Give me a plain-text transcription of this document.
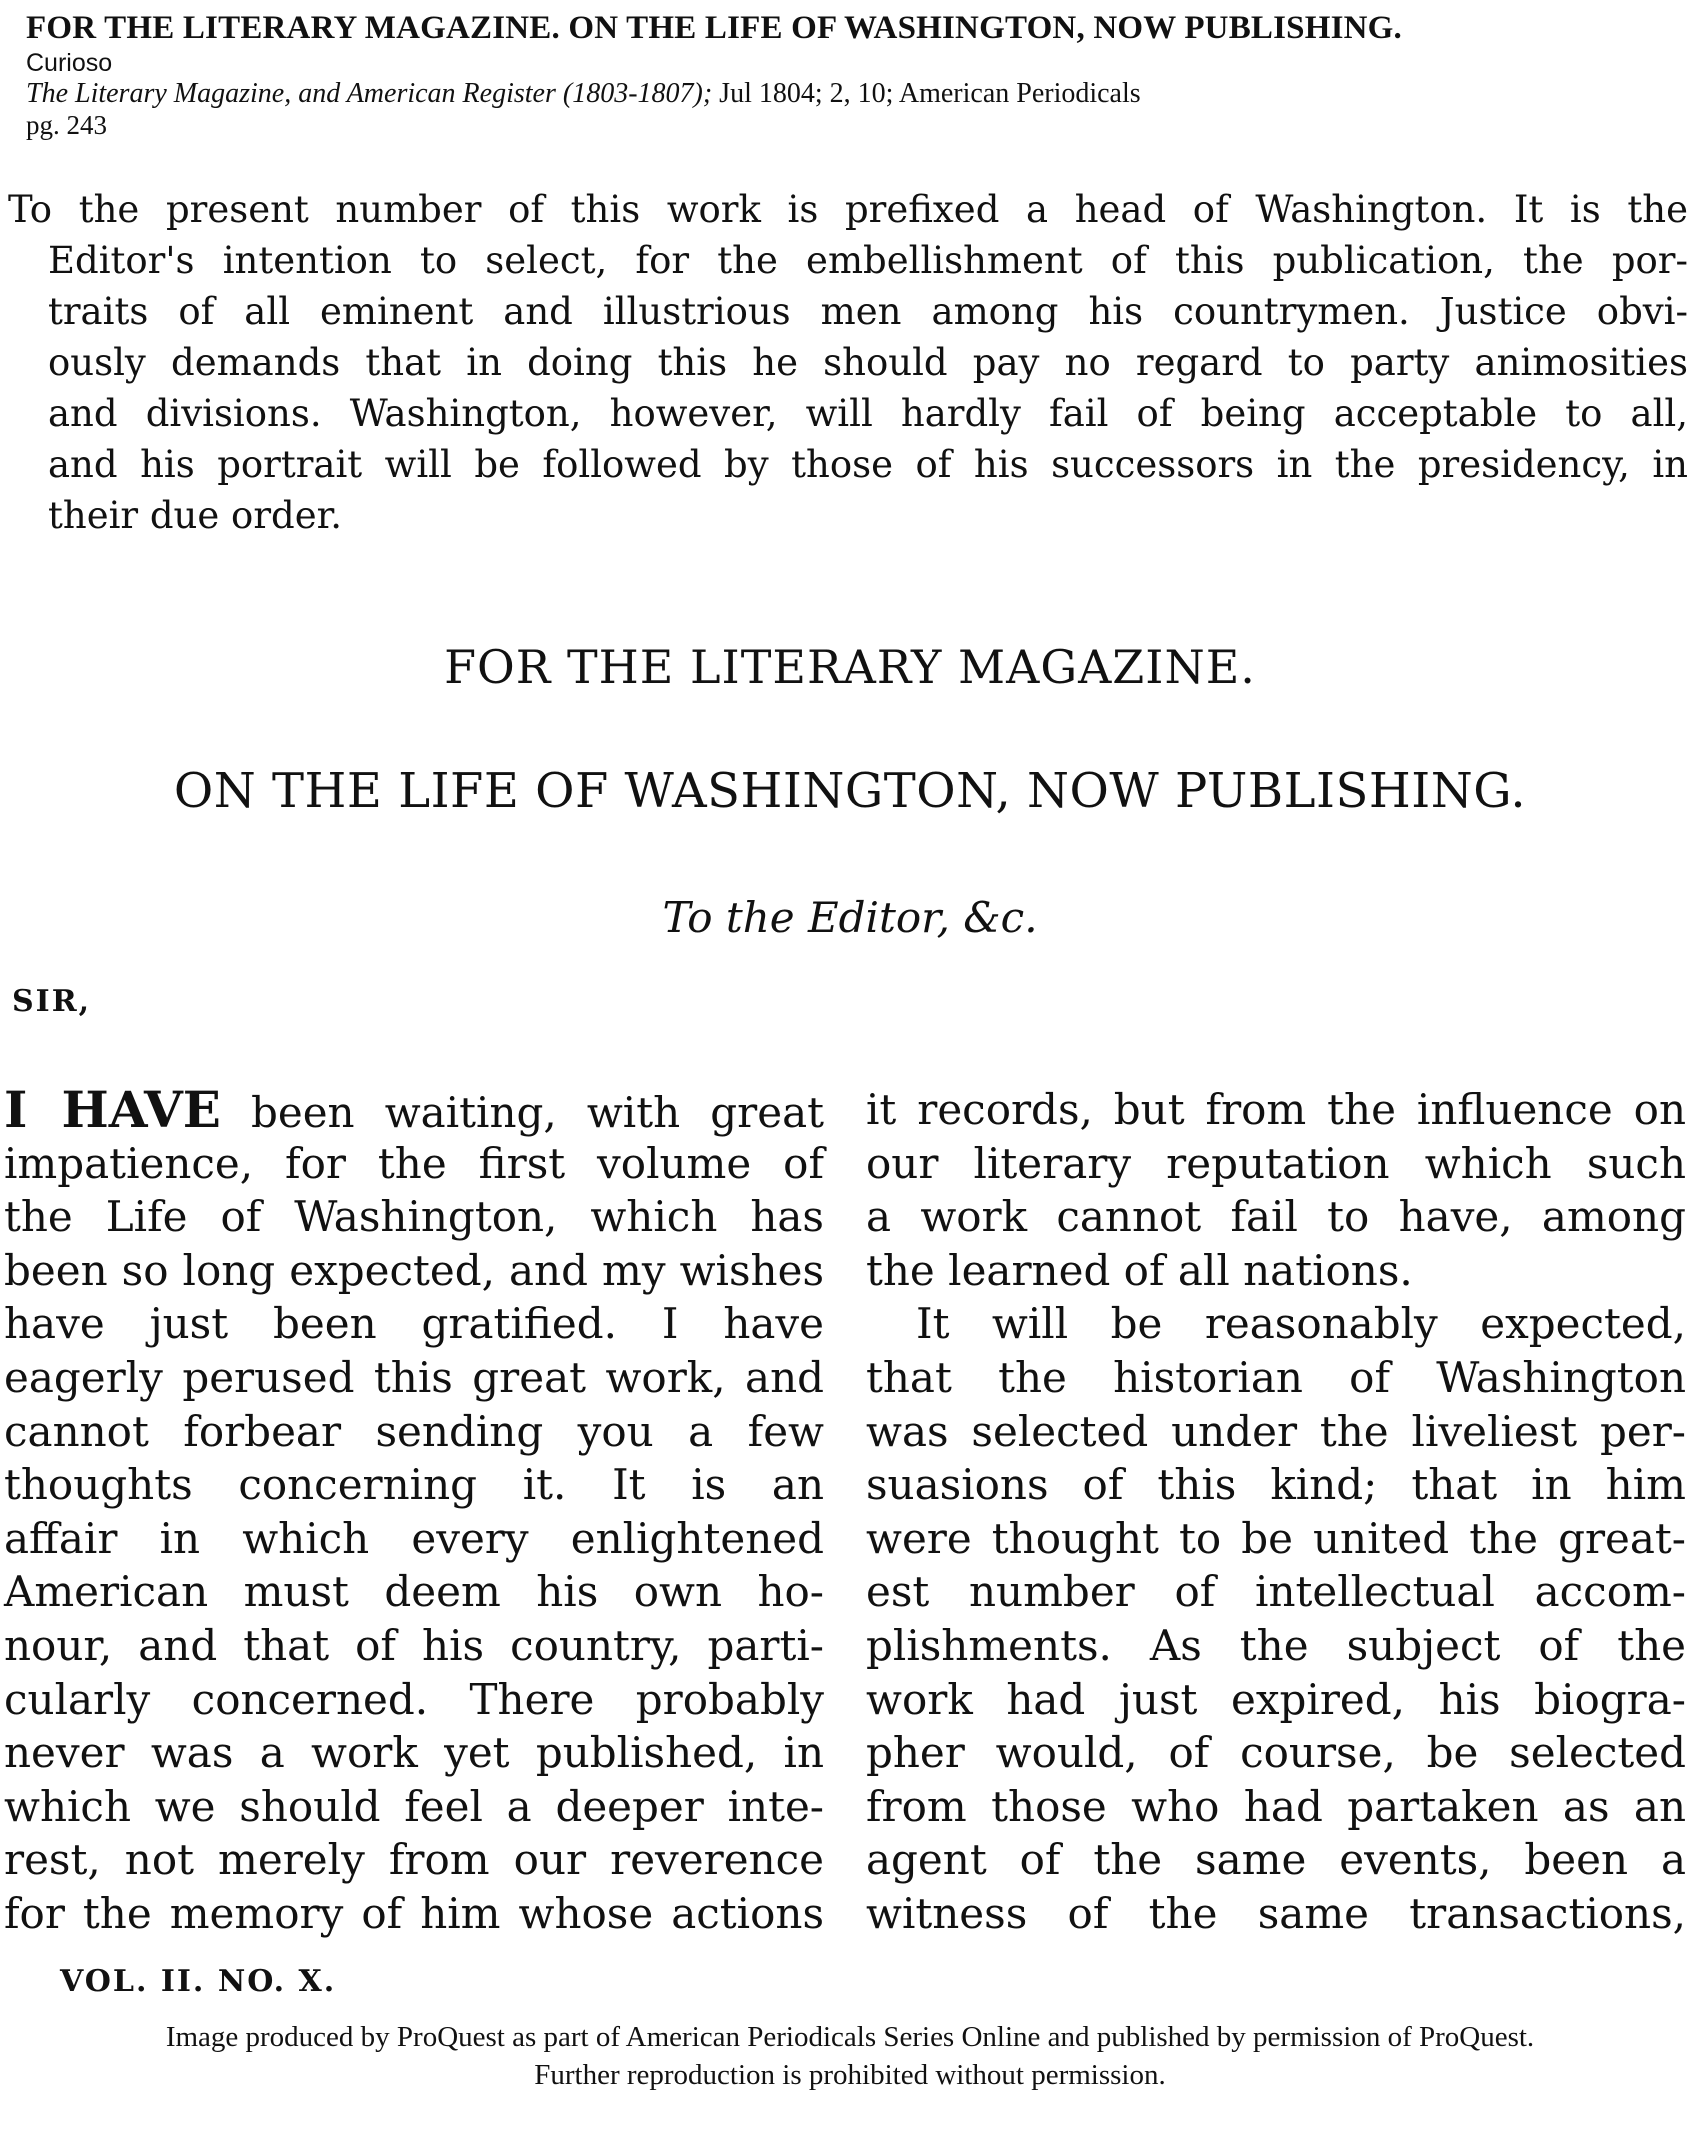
FOR THE LITERARY MAGAZINE. ON THE LIFE OF WASHINGTON, NOW PUBLISHING.
Curioso
The Literary Magazine, and American Register (1803-1807); Jul 1804; 2, 10; American Periodicals
pg. 243
To the present number of this work is prefixed a head of Washington. It is the
Editor's intention to select, for the embellishment of this publication, the por-
traits of all eminent and illustrious men among his countrymen. Justice obvi-
ously demands that in doing this he should pay no regard to party animosities
and divisions. Washington, however, will hardly fail of being acceptable to all,
and his portrait will be followed by those of his successors in the presidency, in
their due order.
FOR THE LITERARY MAGAZINE.
ON THE LIFE OF WASHINGTON, NOW PUBLISHING.
To the Editor, &c.
SIR,
I HAVE been waiting, with great
impatience, for the first volume of
the Life of Washington, which has
been so long expected, and my wishes
have just been gratified. I have
eagerly perused this great work, and
cannot forbear sending you a few
thoughts concerning it. It is an
affair in which every enlightened
American must deem his own ho-
nour, and that of his country, parti-
cularly concerned. There probably
never was a work yet published, in
which we should feel a deeper inte-
rest, not merely from our reverence
for the memory of him whose actions
it records, but from the influence on
our literary reputation which such
a work cannot fail to have, among
the learned of all nations.
It will be reasonably expected,
that the historian of Washington
was selected under the liveliest per-
suasions of this kind; that in him
were thought to be united the great-
est number of intellectual accom-
plishments. As the subject of the
work had just expired, his biogra-
pher would, of course, be selected
from those who had partaken as an
agent of the same events, been a
witness of the same transactions,
VOL. II. NO. X.
Image produced by ProQuest as part of American Periodicals Series Online and published by permission of ProQuest.
Further reproduction is prohibited without permission.
